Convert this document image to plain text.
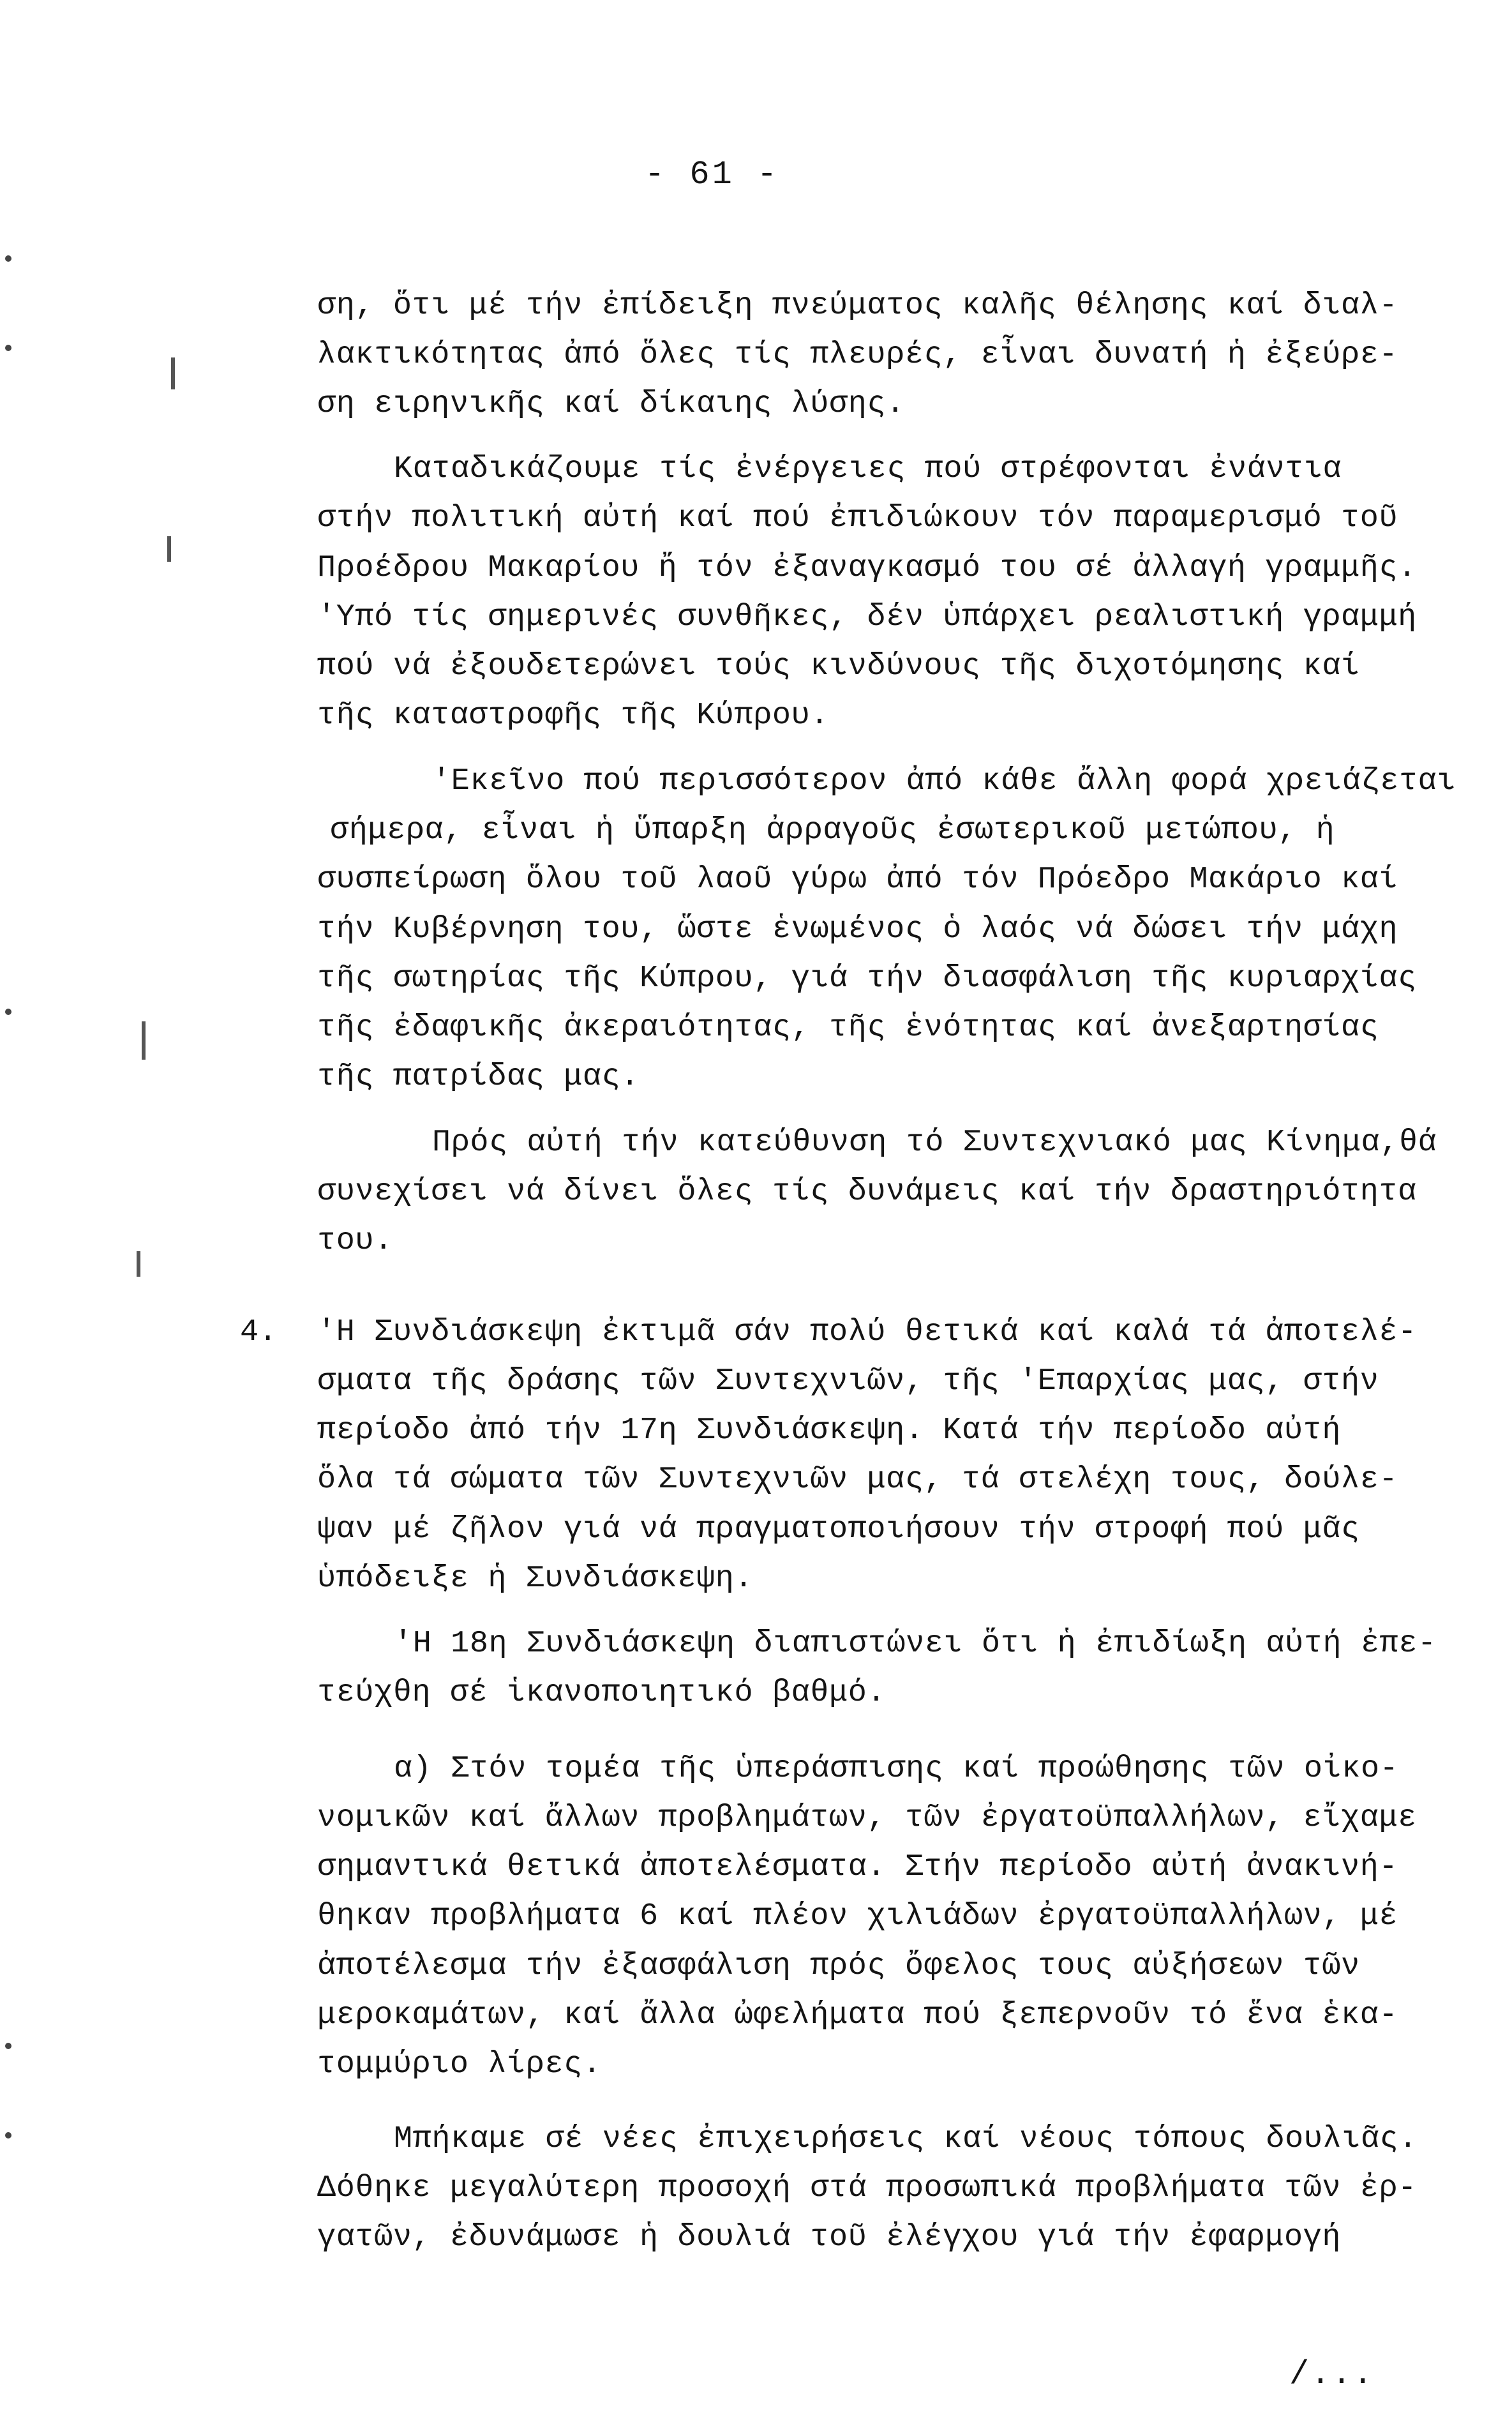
- 61 -
ση, ὅτι μέ τήν ἐπίδειξη πνεύματος καλῆς θέλησης καί διαλ-
λακτικότητας ἀπό ὅλες τίς πλευρές, εἶναι δυνατή ἡ ἐξεύρε-
ση ειρηνικῆς καί δίκαιης λύσης.
Καταδικάζουμε τίς ἐνέργειες πού στρέφονται ἐνάντια
στήν πολιτική αὐτή καί πού ἐπιδιώκουν τόν παραμερισμό τοῦ
Προέδρου Μακαρίου ἤ τόν ἐξαναγκασμό του σέ ἀλλαγή γραμμῆς.
'Υπό τίς σημερινές συνθῆκες, δέν ὑπάρχει ρεαλιστική γραμμή
πού νά ἐξουδετερώνει τούς κινδύνους τῆς διχοτόμησης καί
τῆς καταστροφῆς τῆς Κύπρου.
'Εκεῖνο πού περισσότερον ἀπό κάθε ἄλλη φορά χρειάζεται
σήμερα, εἶναι ἡ ὕπαρξη ἀρραγοῦς ἐσωτερικοῦ μετώπου, ἡ
συσπείρωση ὅλου τοῦ λαοῦ γύρω ἀπό τόν Πρόεδρο Μακάριο καί
τήν Κυβέρνηση του, ὥστε ἑνωμένος ὁ λαός νά δώσει τήν μάχη
τῆς σωτηρίας τῆς Κύπρου, γιά τήν διασφάλιση τῆς κυριαρχίας
τῆς ἐδαφικῆς ἀκεραιότητας, τῆς ἑνότητας καί ἀνεξαρτησίας
τῆς πατρίδας μας.
Πρός αὐτή τήν κατεύθυνση τό Συντεχνιακό μας Κίνημα,θά
συνεχίσει νά δίνει ὅλες τίς δυνάμεις καί τήν δραστηριότητα
του.
4. 'Η Συνδιάσκεψη ἐκτιμᾶ σάν πολύ θετικά καί καλά τά ἀποτελέ-
σματα τῆς δράσης τῶν Συντεχνιῶν, τῆς 'Επαρχίας μας, στήν
περίοδο ἀπό τήν 17η Συνδιάσκεψη. Κατά τήν περίοδο αὐτή
ὅλα τά σώματα τῶν Συντεχνιῶν μας, τά στελέχη τους, δούλε-
ψαν μέ ζῆλον γιά νά πραγματοποιήσουν τήν στροφή πού μᾶς
ὑπόδειξε ἡ Συνδιάσκεψη.
'Η 18η Συνδιάσκεψη διαπιστώνει ὅτι ἡ ἐπιδίωξη αὐτή ἐπε-
τεύχθη σέ ἱκανοποιητικό βαθμό.
α) Στόν τομέα τῆς ὑπεράσπισης καί προώθησης τῶν οἰκο-
νομικῶν καί ἄλλων προβλημάτων, τῶν ἐργατοϋπαλλήλων, εἴχαμε
σημαντικά θετικά ἀποτελέσματα. Στήν περίοδο αὐτή ἀνακινή-
θηκαν προβλήματα 6 καί πλέον χιλιάδων ἐργατοϋπαλλήλων, μέ
ἀποτέλεσμα τήν ἐξασφάλιση πρός ὄφελος τους αὐξήσεων τῶν
μεροκαμάτων, καί ἄλλα ὠφελήματα πού ξεπερνοῦν τό ἕνα ἑκα-
τομμύριο λίρες.
Μπήκαμε σέ νέες ἐπιχειρήσεις καί νέους τόπους δουλιᾶς.
Δόθηκε μεγαλύτερη προσοχή στά προσωπικά προβλήματα τῶν ἐρ-
γατῶν, ἐδυνάμωσε ἡ δουλιά τοῦ ἐλέγχου γιά τήν ἐφαρμογή
/...
